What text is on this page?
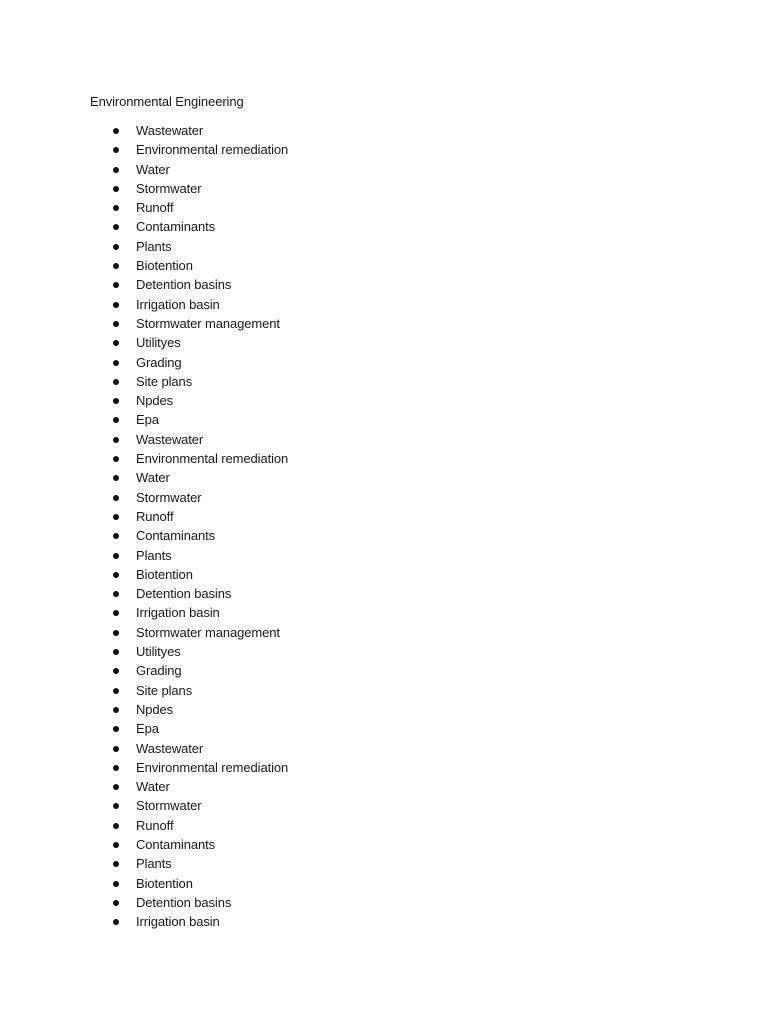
Environmental Engineering
Wastewater
Environmental remediation
Water
Stormwater
Runoff
Contaminants
Plants
Biotention
Detention basins
Irrigation basin
Stormwater management
Utilityes
Grading
Site plans
Npdes
Epa
Wastewater
Environmental remediation
Water
Stormwater
Runoff
Contaminants
Plants
Biotention
Detention basins
Irrigation basin
Stormwater management
Utilityes
Grading
Site plans
Npdes
Epa
Wastewater
Environmental remediation
Water
Stormwater
Runoff
Contaminants
Plants
Biotention
Detention basins
Irrigation basin
